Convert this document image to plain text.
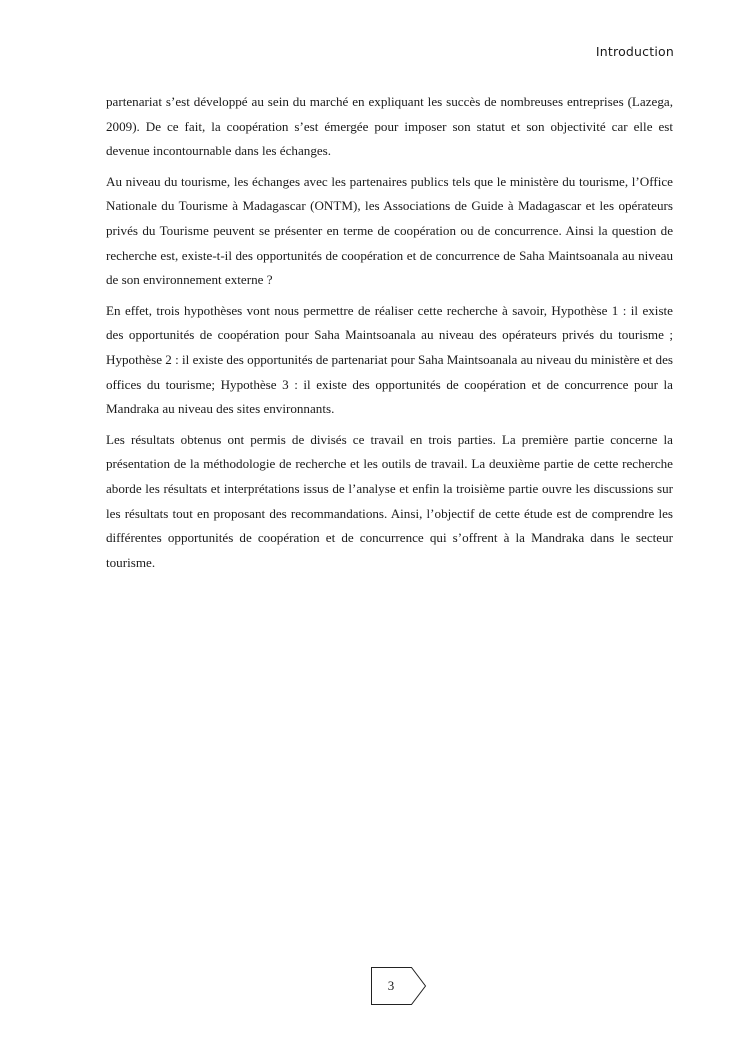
Introduction

partenariat s’est développé au sein du marché en expliquant les succès de nombreuses entreprises (Lazega, 2009). De ce fait, la coopération s’est émergée pour imposer son statut et son objectivité car elle est devenue incontournable dans les échanges.

Au niveau du tourisme, les échanges avec les partenaires publics tels que le ministère du tourisme, l’Office Nationale du Tourisme à Madagascar (ONTM), les Associations de Guide à Madagascar et les opérateurs privés du Tourisme peuvent se présenter en terme de coopération ou de concurrence. Ainsi la question de recherche est, existe-t-il des opportunités de coopération et de concurrence de Saha Maintsoanala au niveau de son environnement externe ?

En effet, trois hypothèses vont nous permettre de réaliser cette recherche à savoir, Hypothèse 1 : il existe des opportunités de coopération pour Saha Maintsoanala au niveau des opérateurs privés du tourisme ; Hypothèse 2 : il existe des opportunités de partenariat pour Saha Maintsoanala au niveau du ministère et des offices du tourisme; Hypothèse 3 : il existe des opportunités de coopération et de concurrence pour la Mandraka au niveau des sites environnants.

Les résultats obtenus ont permis de divisés ce travail en trois parties. La première partie concerne la présentation de la méthodologie de recherche et les outils de travail. La deuxième partie de cette recherche aborde les résultats et interprétations issus de l’analyse et enfin la troisième partie ouvre les discussions sur les résultats tout en proposant des recommandations. Ainsi, l’objectif de cette étude est de comprendre les différentes opportunités de coopération et de concurrence qui s’offrent à la Mandraka dans le secteur tourisme.

3
